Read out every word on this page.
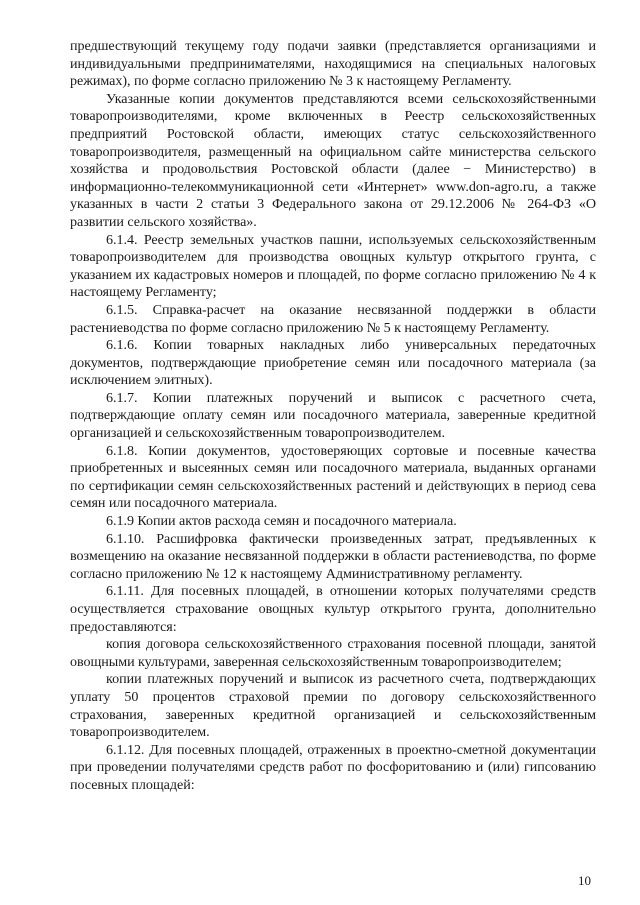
предшествующий текущему году подачи заявки (представляется организациями и индивидуальными предпринимателями, находящимися на специальных налоговых режимах), по форме согласно приложению № 3 к настоящему Регламенту.

Указанные копии документов представляются всеми сельскохозяйственными товаропроизводителями, кроме включенных в Реестр сельскохозяйственных предприятий Ростовской области, имеющих статус сельскохозяйственного товаропроизводителя, размещенный на официальном сайте министерства сельского хозяйства и продовольствия Ростовской области (далее − Министерство) в информационно-телекоммуникационной сети «Интернет» www.don-agro.ru, а также указанных в части 2 статьи 3 Федерального закона от 29.12.2006 № 264-ФЗ «О развитии сельского хозяйства».

6.1.4. Реестр земельных участков пашни, используемых сельскохозяйственным товаропроизводителем для производства овощных культур открытого грунта, с указанием их кадастровых номеров и площадей, по форме согласно приложению № 4 к настоящему Регламенту;

6.1.5. Справка-расчет на оказание несвязанной поддержки в области растениеводства по форме согласно приложению № 5 к настоящему Регламенту.

6.1.6. Копии товарных накладных либо универсальных передаточных документов, подтверждающие приобретение семян или посадочного материала (за исключением элитных).

6.1.7. Копии платежных поручений и выписок с расчетного счета, подтверждающие оплату семян или посадочного материала, заверенные кредитной организацией и сельскохозяйственным товаропроизводителем.

6.1.8. Копии документов, удостоверяющих сортовые и посевные качества приобретенных и высеянных семян или посадочного материала, выданных органами по сертификации семян сельскохозяйственных растений и действующих в период сева семян или посадочного материала.

6.1.9 Копии актов расхода семян и посадочного материала.

6.1.10. Расшифровка фактически произведенных затрат, предъявленных к возмещению на оказание несвязанной поддержки в области растениеводства, по форме согласно приложению № 12 к настоящему Административному регламенту.

6.1.11. Для посевных площадей, в отношении которых получателями средств осуществляется страхование овощных культур открытого грунта, дополнительно предоставляются:

копия договора сельскохозяйственного страхования посевной площади, занятой овощными культурами, заверенная сельскохозяйственным товаропроизводителем;

копии платежных поручений и выписок из расчетного счета, подтверждающих уплату 50 процентов страховой премии по договору сельскохозяйственного страхования, заверенных кредитной организацией и сельскохозяйственным товаропроизводителем.

6.1.12. Для посевных площадей, отраженных в проектно-сметной документации при проведении получателями средств работ по фосфоритованию и (или) гипсованию посевных площадей:

10
